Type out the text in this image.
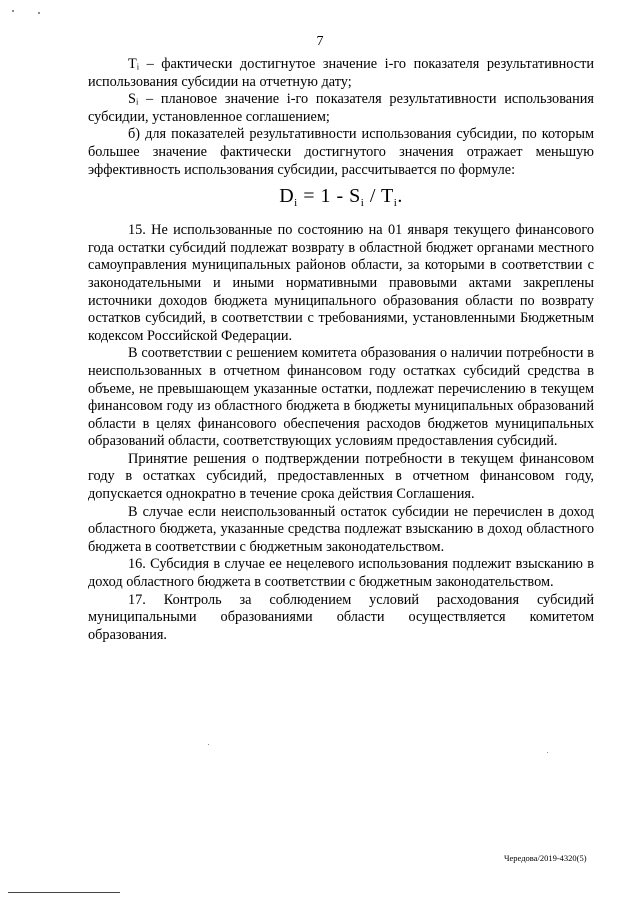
7

Tᵢ – фактически достигнутое значение i-го показателя результативности использования субсидии на отчетную дату;

Sᵢ – плановое значение i-го показателя результативности использования субсидии, установленное соглашением;

б) для показателей результативности использования субсидии, по которым большее значение фактически достигнутого значения отражает меньшую эффективность использования субсидии, рассчитывается по формуле:

$D_i = 1 - S_i / T_i$.

15. Не использованные по состоянию на 01 января текущего финансового года остатки субсидий подлежат возврату в областной бюджет органами местного самоуправления муниципальных районов области, за которыми в соответствии с законодательными и иными нормативными правовыми актами закреплены источники доходов бюджета муниципального образования области по возврату остатков субсидий, в соответствии с требованиями, установленными Бюджетным кодексом Российской Федерации.

В соответствии с решением комитета образования о наличии потребности в неиспользованных в отчетном финансовом году остатках субсидий средства в объеме, не превышающем указанные остатки, подлежат перечислению в текущем финансовом году из областного бюджета в бюджеты муниципальных образований области в целях финансового обеспечения расходов бюджетов муниципальных образований области, соответствующих условиям предоставления субсидий.

Принятие решения о подтверждении потребности в текущем финансовом году в остатках субсидий, предоставленных в отчетном финансовом году, допускается однократно в течение срока действия Соглашения.

В случае если неиспользованный остаток субсидии не перечислен в доход областного бюджета, указанные средства подлежат взысканию в доход областного бюджета в соответствии с бюджетным законодательством.

16. Субсидия в случае ее нецелевого использования подлежит взысканию в доход областного бюджета в соответствии с бюджетным законодательством.

17. Контроль за соблюдением условий расходования субсидий муниципальными образованиями области осуществляется комитетом образования.

Чередова/2019-4320(5)
